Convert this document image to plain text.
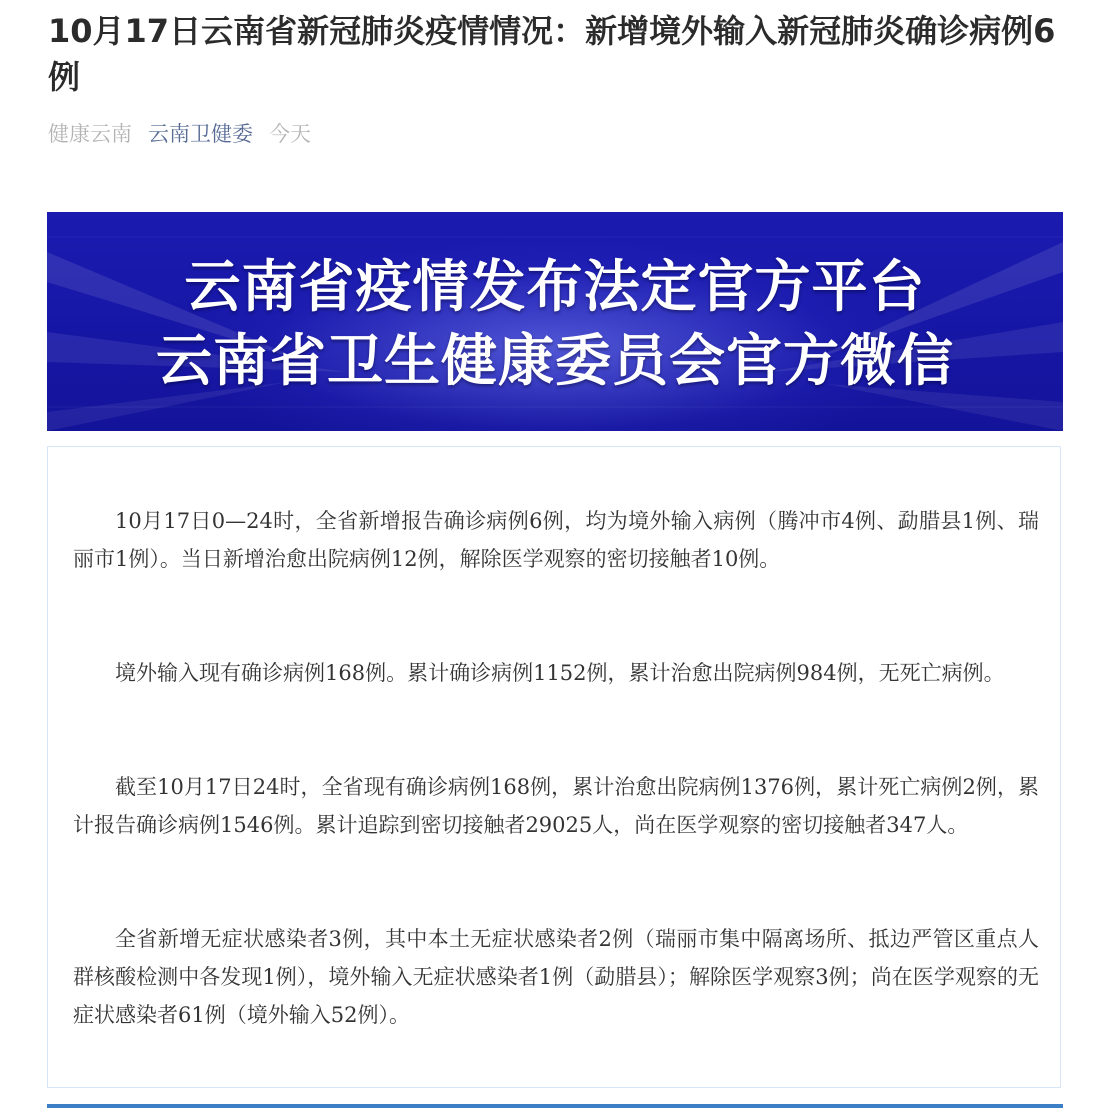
10月17日云南省新冠肺炎疫情情况：新增境外输入新冠肺炎确诊病例6例
健康云南 云南卫健委 今天
云南省疫情发布法定官方平台
云南省卫生健康委员会官方微信

10月17日0—24时，全省新增报告确诊病例6例，均为境外输入病例（腾冲市4例、勐腊县1例、瑞丽市1例）。当日新增治愈出院病例12例，解除医学观察的密切接触者10例。

境外输入现有确诊病例168例。累计确诊病例1152例，累计治愈出院病例984例，无死亡病例。

截至10月17日24时，全省现有确诊病例168例，累计治愈出院病例1376例，累计死亡病例2例，累计报告确诊病例1546例。累计追踪到密切接触者29025人，尚在医学观察的密切接触者347人。

全省新增无症状感染者3例，其中本土无症状感染者2例（瑞丽市集中隔离场所、抵边严管区重点人群核酸检测中各发现1例），境外输入无症状感染者1例（勐腊县）；解除医学观察3例；尚在医学观察的无症状感染者61例（境外输入52例）。
